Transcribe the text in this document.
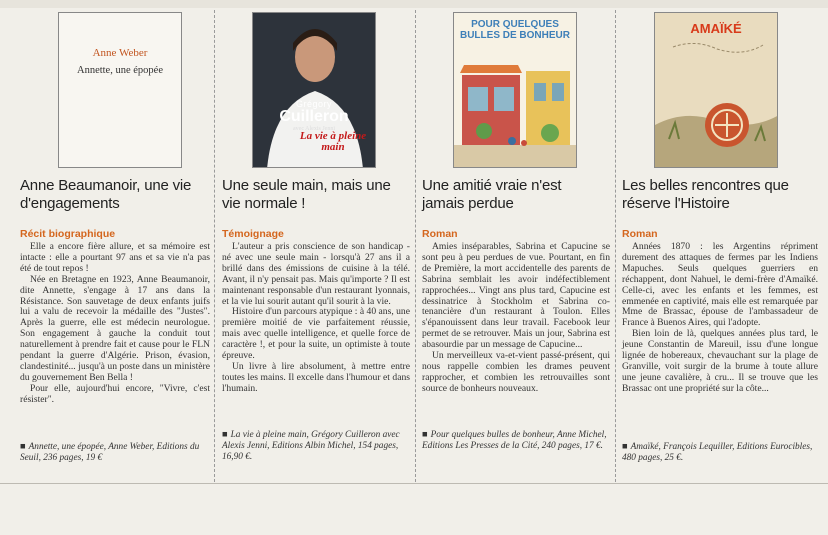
Anne Weber
Annette, une épopée
Anne Beaumanoir, une vie d'engagements
Récit biographique

Elle a encore fière allure, et sa mémoire est intacte : elle a pourtant 97 ans et sa vie n'a pas été de tout repos !

Née en Bretagne en 1923, Anne Beaumanoir, dite Annette, s'engage à 17 ans dans la Résistance. Son sauvetage de deux enfants juifs lui a valu de recevoir la médaille des "Justes". Après la guerre, elle est médecin neurologue. Son engagement à gauche la conduit tout naturellement à prendre fait et cause pour le FLN pendant la guerre d'Algérie. Prison, évasion, clandestinité... jusqu'à un poste dans un ministère du gouvernement Ben Bella !

Pour elle, aujourd'hui encore, "Vivre, c'est résister".

■ Annette, une épopée, Anne Weber, Editions du Seuil, 236 pages, 19 €
Grégory
Cuilleron
avec Alexis Jenni
La vie à pleine main
Une seule main, mais une vie normale !
Témoignage

L'auteur a pris conscience de son handicap - né avec une seule main - lorsqu'à 27 ans il a brillé dans des émissions de cuisine à la télé. Avant, il n'y pensait pas. Mais qu'importe ? Il est maintenant responsable d'un restaurant lyonnais, et la vie lui sourit autant qu'il sourit à la vie.

Histoire d'un parcours atypique : à 40 ans, une première moitié de vie parfaitement réussie, mais avec quelle intelligence, et quelle force de caractère !, et pour la suite, un optimiste à toute épreuve.

Un livre à lire absolument, à mettre entre toutes les mains. Il excelle dans l'humour et dans l'humain.

■ La vie à pleine main, Grégory Cuilleron avec Alexis Jenni, Editions Albin Michel, 154 pages, 16,90 €.
POUR QUELQUES BULLES DE BONHEUR
Une amitié vraie n'est jamais perdue
Roman

Amies inséparables, Sabrina et Capucine se sont peu à peu perdues de vue. Pourtant, en fin de Première, la mort accidentelle des parents de Sabrina semblait les avoir indéfectiblement rapprochées... Vingt ans plus tard, Capucine est dessinatrice à Stockholm et Sabrina co-tenancière d'un restaurant à Toulon. Elles s'épanouissent dans leur travail. Facebook leur permet de se retrouver. Mais un jour, Sabrina est abasourdie par un message de Capucine...

Un merveilleux va-et-vient passé-présent, qui nous rappelle combien les drames peuvent rapprocher, et combien les retrouvailles sont source de bonheurs nouveaux.

■ Pour quelques bulles de bonheur, Anne Michel, Editions Les Presses de la Cité, 240 pages, 17 €.
AMAÏKÉ
Les belles rencontres que réserve l'Histoire
Roman

Années 1870 : les Argentins répriment durement des attaques de fermes par les Indiens Mapuches. Seuls quelques guerriers en réchappent, dont Nahuel, le demi-frère d'Amaïké. Celle-ci, avec les enfants et les femmes, est emmenée en captivité, mais elle est remarquée par Mme de Brassac, épouse de l'ambassadeur de France à Buenos Aires, qui l'adopte.

Bien loin de là, quelques années plus tard, le jeune Constantin de Mareuil, issu d'une longue lignée de hobereaux, chevauchant sur la plage de Granville, voit surgir de la brume à toute allure une jeune cavalière, à cru... Il se trouve que les Brassac ont une propriété sur la côte...

■ Amaïké, François Lequiller, Editions Eurocibles, 480 pages, 25 €.
